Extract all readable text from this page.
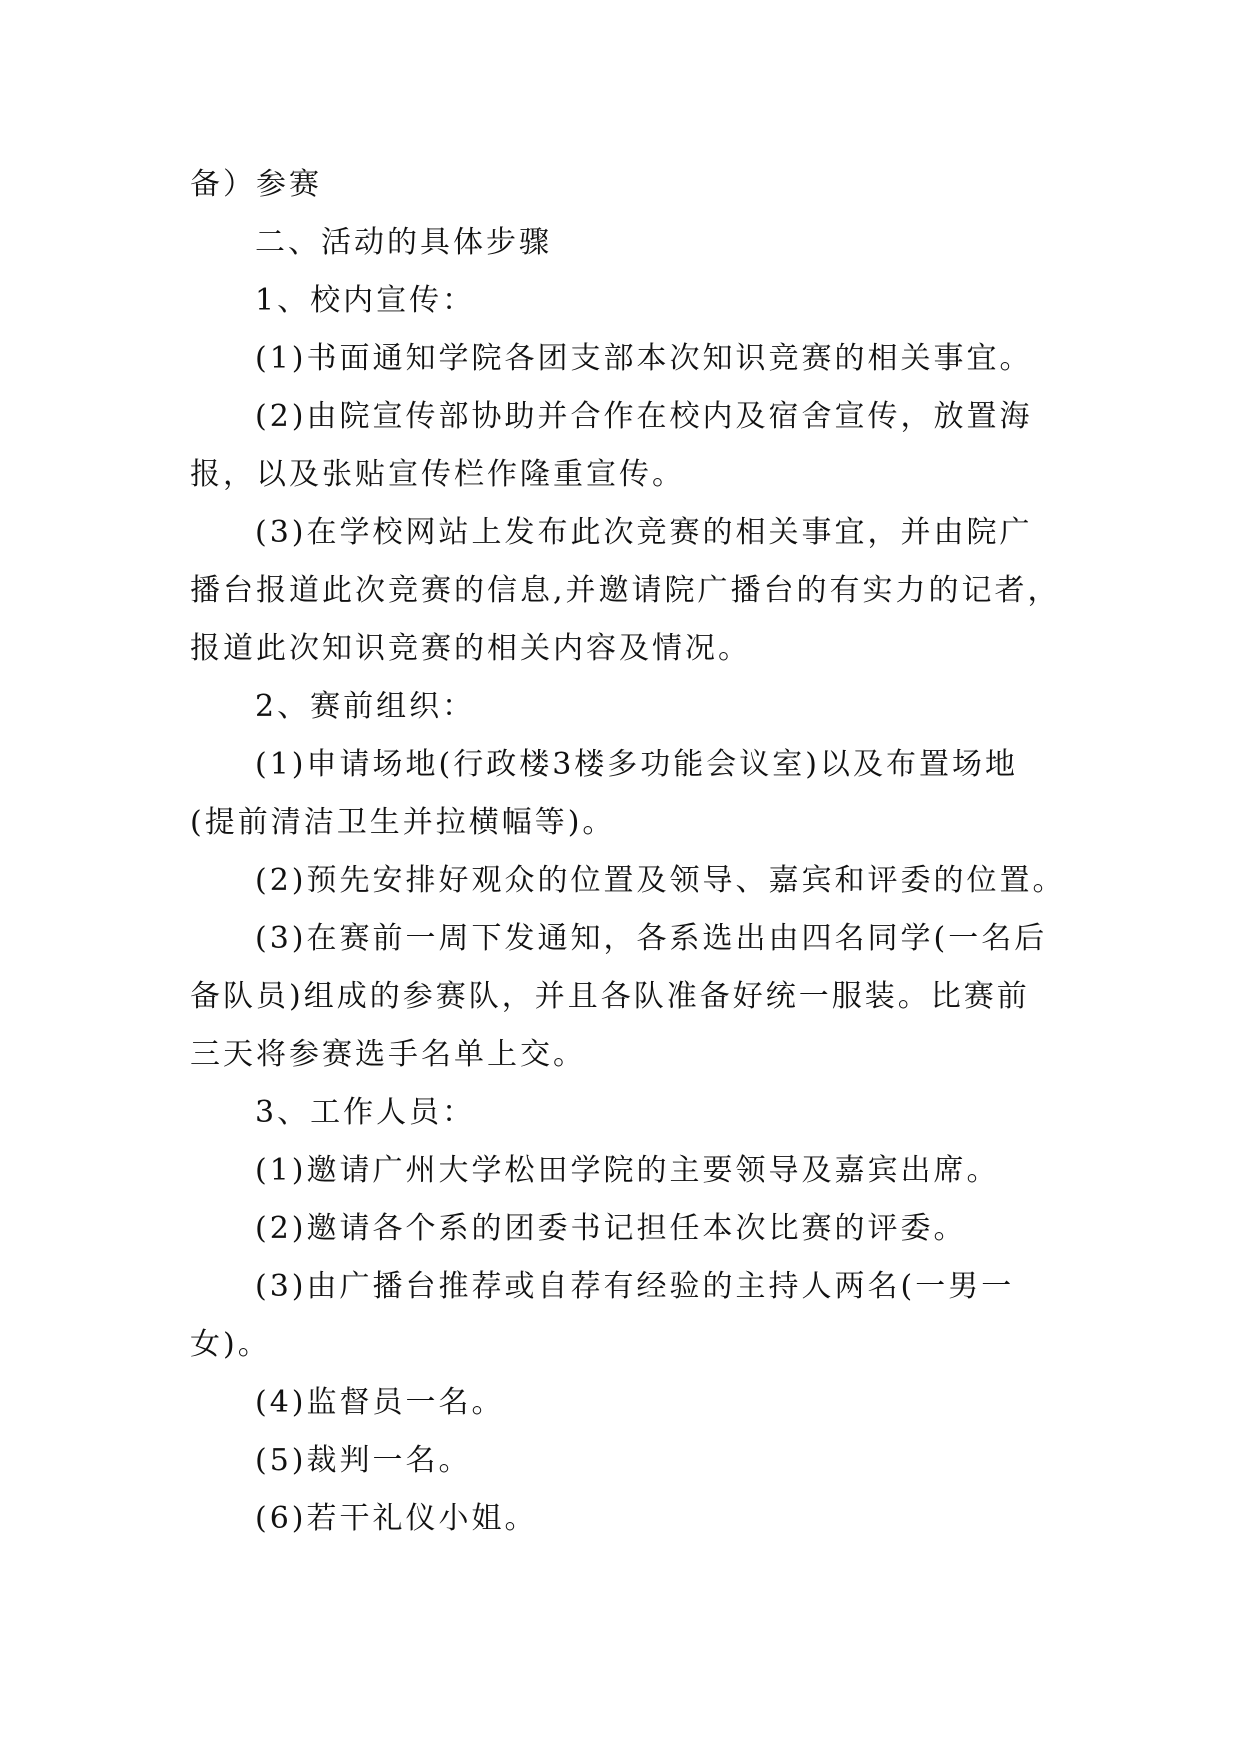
备）参赛
二、活动的具体步骤
1、校内宣传：
(1)书面通知学院各团支部本次知识竞赛的相关事宜。
(2)由院宣传部协助并合作在校内及宿舍宣传，放置海
报，以及张贴宣传栏作隆重宣传。
(3)在学校网站上发布此次竞赛的相关事宜，并由院广
播台报道此次竞赛的信息,并邀请院广播台的有实力的记者，
报道此次知识竞赛的相关内容及情况。
2、赛前组织：
(1)申请场地(行政楼3楼多功能会议室)以及布置场地
(提前清洁卫生并拉横幅等)。
(2)预先安排好观众的位置及领导、嘉宾和评委的位置。
(3)在赛前一周下发通知，各系选出由四名同学(一名后
备队员)组成的参赛队，并且各队准备好统一服装。比赛前
三天将参赛选手名单上交。
3、工作人员：
(1)邀请广州大学松田学院的主要领导及嘉宾出席。
(2)邀请各个系的团委书记担任本次比赛的评委。
(3)由广播台推荐或自荐有经验的主持人两名(一男一
女)。
(4)监督员一名。
(5)裁判一名。
(6)若干礼仪小姐。
